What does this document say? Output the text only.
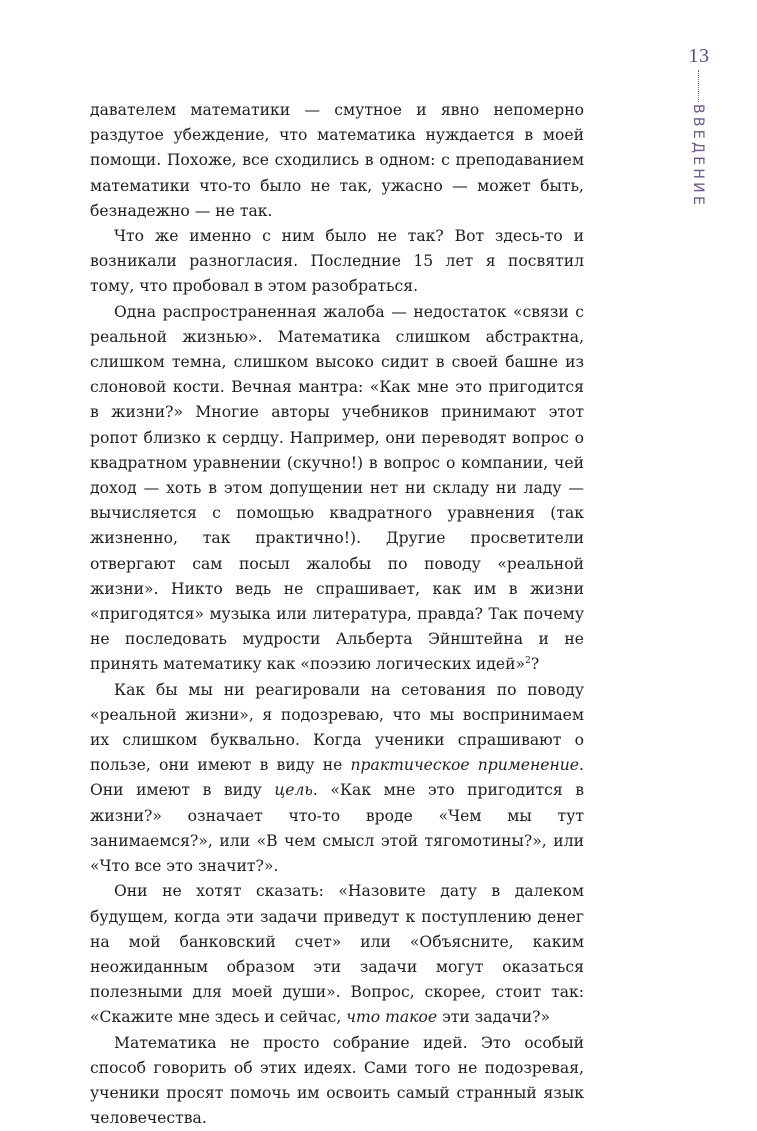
13
ВВЕДЕНИЕ

давателем математики — смутное и явно непомерно раздутое убеждение, что математика нуждается в моей помощи. Похоже, все сходились в одном: с преподаванием математики что-то было не так, ужасно — может быть, безнадежно — не так.

Что же именно с ним было не так? Вот здесь-то и возникали разногласия. Последние 15 лет я посвятил тому, что пробовал в этом разобраться.

Одна распространенная жалоба — недостаток «связи с реальной жизнью». Математика слишком абстрактна, слишком темна, слишком высоко сидит в своей башне из слоновой кости. Вечная мантра: «Как мне это пригодится в жизни?» Многие авторы учебников принимают этот ропот близко к сердцу. Например, они переводят вопрос о квадратном уравнении (скучно!) в вопрос о компании, чей доход — хоть в этом допущении нет ни складу ни ладу — вычисляется с помощью квадратного уравнения (так жизненно, так практично!). Другие просветители отвергают сам посыл жалобы по поводу «реальной жизни». Никто ведь не спрашивает, как им в жизни «пригодятся» музыка или литература, правда? Так почему не последовать мудрости Альберта Эйнштейна и не принять математику как «поэзию логических идей»$^2$?

Как бы мы ни реагировали на сетования по поводу «реальной жизни», я подозреваю, что мы воспринимаем их слишком буквально. Когда ученики спрашивают о пользе, они имеют в виду не практическое применение. Они имеют в виду цель. «Как мне это пригодится в жизни?» означает что-то вроде «Чем мы тут занимаемся?», или «В чем смысл этой тягомотины?», или «Что все это значит?».

Они не хотят сказать: «Назовите дату в далеком будущем, когда эти задачи приведут к поступлению денег на мой банковский счет» или «Объясните, каким неожиданным образом эти задачи могут оказаться полезными для моей души». Вопрос, скорее, стоит так: «Скажите мне здесь и сейчас, что такое эти задачи?»

Математика не просто собрание идей. Это особый способ говорить об этих идеях. Сами того не подозревая, ученики просят помочь им освоить самый странный язык человечества.
